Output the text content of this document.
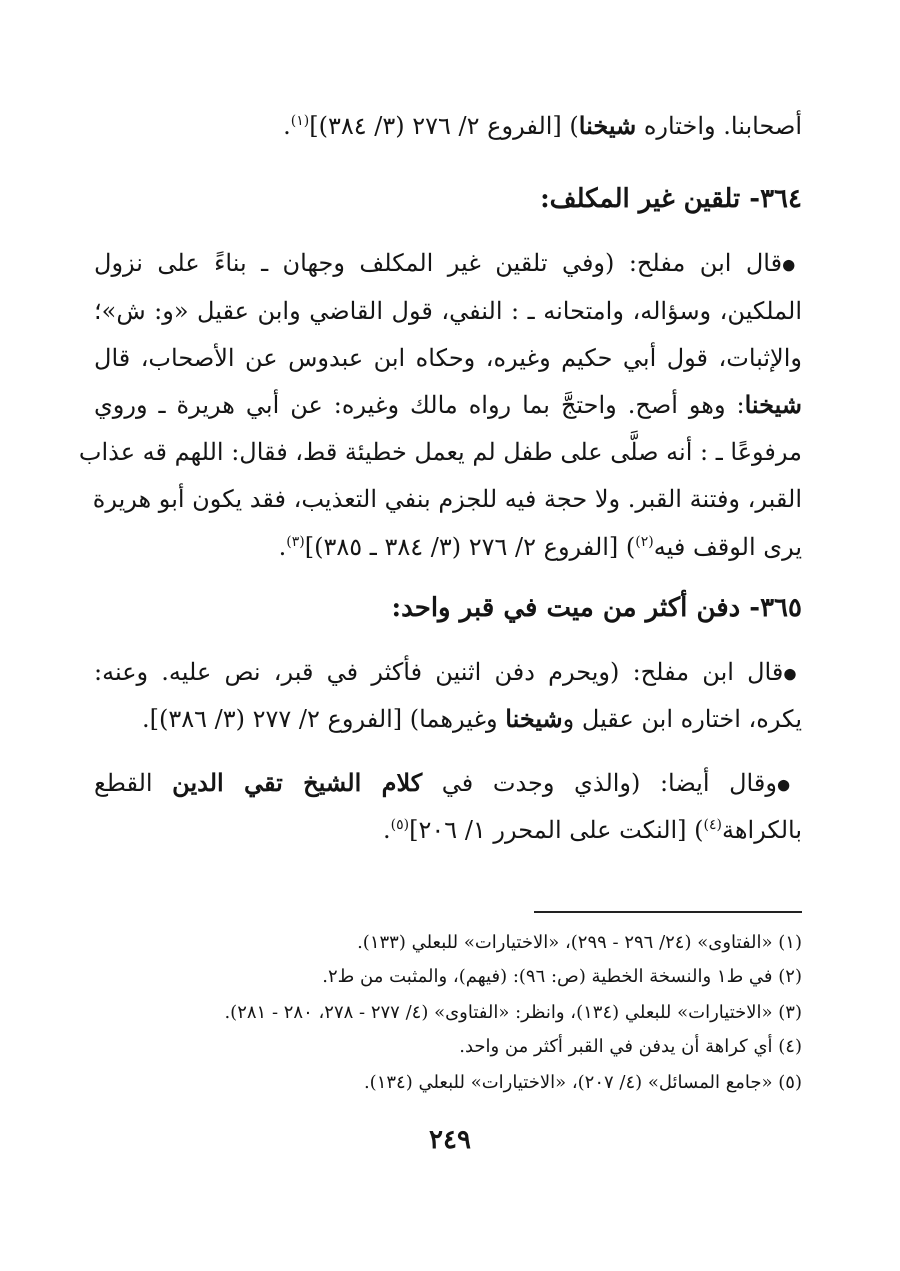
أصحابنا. واختاره شيخنا) [الفروع ٢/ ٢٧٦ (٣/ ٣٨٤)]$^{(١)}$.

٣٦٤- تلقين غير المكلف:

●قال ابن مفلح: (وفي تلقين غير المكلف وجهان ـ بناءً على نزول

الملكين، وسؤاله، وامتحانه ـ : النفي، قول القاضي وابن عقيل «و: ش»؛

والإثبات، قول أبي حكيم وغيره، وحكاه ابن عبدوس عن الأصحاب، قال

شيخنا: وهو أصح. واحتجَّ بما رواه مالك وغيره: عن أبي هريرة ـ وروي

مرفوعًا ـ : أنه صلَّى على طفل لم يعمل خطيئة قط، فقال: اللهم قه عذاب

القبر، وفتنة القبر. ولا حجة فيه للجزم بنفي التعذيب، فقد يكون أبو هريرة

يرى الوقف فيه$^{(٢)}$) [الفروع ٢/ ٢٧٦ (٣/ ٣٨٤ ـ ٣٨٥)]$^{(٣)}$.

٣٦٥- دفن أكثر من ميت في قبر واحد:

●قال ابن مفلح: (ويحرم دفن اثنين فأكثر في قبر، نص عليه. وعنه:

يكره، اختاره ابن عقيل وشيخنا وغيرهما) [الفروع ٢/ ٢٧٧ (٣/ ٣٨٦)].

●وقال أيضا: (والذي وجدت في كلام الشيخ تقي الدين القطع

بالكراهة$^{(٤)}$) [النكت على المحرر ١/ ٢٠٦]$^{(٥)}$.

(١) «الفتاوى» (٢٤/ ٢٩٦ - ٢٩٩)، «الاختيارات» للبعلي (١٣٣).

(٢) في ط١ والنسخة الخطية (ص: ٩٦): (فيهم)، والمثبت من ط٢.

(٣) «الاختيارات» للبعلي (١٣٤)، وانظر: «الفتاوى» (٤/ ٢٧٧ - ٢٧٨، ٢٨٠ - ٢٨١).

(٤) أي كراهة أن يدفن في القبر أكثر من واحد.

(٥) «جامع المسائل» (٤/ ٢٠٧)، «الاختيارات» للبعلي (١٣٤).

٢٤٩
